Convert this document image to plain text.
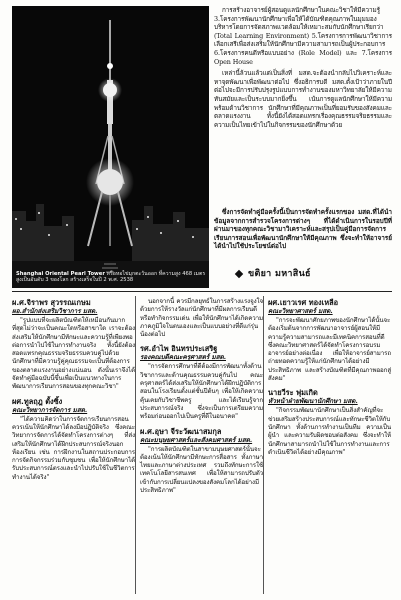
Shanghai Oriental Pearl Tower หรือหอไข่มุกตะวันออก ที่ความสูง 468 เมตร สูงเป็นอันดับ 3 ของโลก สร้างเสร็จในปี 2 พ.ศ. 2538

การสร้างอาจารย์ผู้สอนดูแลนักศึกษาในคณะวิชาให้มีความรู้ 3.โครงการพัฒนานักศึกษาเพื่อให้ได้บัณฑิตคุณภาพในมุมมองบริหารโดยการจัดสภาพแวดล้อมให้เหมาะสมกับนักศึกษาเรียกว่า (Total Learning Environment) 5.โครงการการพัฒนาวิชาการเลือกเสรีเพื่อส่งเสริมให้นักศึกษามีความสามารถเป็นผู้ประกอบการ 6.โครงการคนดีหรือแบบอย่าง (Role Model) และ 7.โครงการ Open House

เหล่านี้ล้วนแล้วแต่เป็นสิ่งที่ มสด.จะต้องนำกลับไปวิเคราะห์และหาจุดพัฒนาเพื่อพัฒนาต่อไป ซึ่งอธิการบดี มสด.ตั้งเป้าว่าภายในปีต่อไปจะมีการปรับปรุงรูปแบบการทำงานของมหาวิทยาลัยให้มีความทันสมัยและเป็นระบบมากยิ่งขึ้น เน้นการดูแลนักศึกษาให้มีความพร้อมด้านวิชาการ นักศึกษาที่มีคุณภาพเป็นที่ยอมรับของสังคมและตลาดแรงงาน ทั้งนี้ยังได้สอดแทรกเรื่องคุณธรรมจริยธรรมและความเป็นไทยเข้าไปในกิจกรรมของนักศึกษาด้วย

ซึ่งการจัดทำคู่มือครั้งนี้เป็นการจัดทำครั้งแรกของ มสด.ที่ได้นำข้อมูลจากการสำรวจโครงการต่างๆ ที่ได้ดำเนินการในรอบปีที่ผ่านมาของทุกคณะวิชามาวิเคราะห์และสรุปเป็นคู่มือการจัดการเรียนการสอนเพื่อพัฒนานักศึกษาให้มีคุณภาพ ซึ่งจะทำให้อาจารย์ได้นำไปใช้ประโยชน์ต่อไป

ขติยา มหาสินธ์

ผ.ศ.จิราพร สุวรรณเกษม

ผอ.สำนักส่งเสริมวิชาการ มสด.

"รูปแบบที่จะผลิตบัณฑิตให้เหมือนกันมากที่สุดไม่ว่าจะเป็นคณะใดหรือสาขาใด เราจะต้องส่งเสริมให้นักศึกษามีทักษะและความรู้ที่เพียงพอต่อการนำไปใช้ในการทำงานจริง ทั้งนี้ยังต้องสอดแทรกคุณธรรมจริยธรรมควบคู่ไปด้วย นักศึกษาที่มีความรู้คู่คุณธรรมจะเป็นที่ต้องการของตลาดแรงงานอย่างแน่นอน ดังนั้นเราจึงได้จัดทำคู่มือฉบับนี้ขึ้นเพื่อเป็นแนวทางในการพัฒนาการเรียนการสอนของทุกคณะวิชา"

ผศ.ทูลฤฎ ตั้งซิ้ง

คณะวิทยาการจัดการ มสด.

"ได้ความคิดว่าในการจัดการเรียนการสอนควรเน้นให้นักศึกษาได้ลงมือปฏิบัติจริง ซึ่งคณะวิทยาการจัดการได้จัดทำโครงการต่างๆ ที่ส่งเสริมให้นักศึกษาได้ฝึกประสบการณ์จริงนอกห้องเรียน เช่น การฝึกงานในสถานประกอบการ การจัดกิจกรรมร่วมกับชุมชน เพื่อให้นักศึกษาได้รับประสบการณ์ตรงและนำไปปรับใช้ในชีวิตการทำงานได้จริง"

นอกจากนี้ ควรมีกลยุทธ์ในการสร้างแรงจูงใจ ด้วยการให้รางวัลแก่นักศึกษาที่มีผลการเรียนดีหรือทำกิจกรรมเด่น เพื่อให้นักศึกษาได้เกิดความภาคภูมิใจในตนเองและเป็นแบบอย่างที่ดีแก่รุ่นน้องต่อไป

รศ.อำไพ อินทรประเสริฐ

รองคณบดีคณะครุศาสตร์ มสด.

"การจัดการศึกษาที่ดีต้องมีการพัฒนาทั้งด้านวิชาการและด้านคุณธรรมควบคู่กันไป คณะครุศาสตร์ได้ส่งเสริมให้นักศึกษาได้ฝึกปฏิบัติการสอนในโรงเรียนตั้งแต่ชั้นปีต้นๆ เพื่อให้เกิดความคุ้นเคยกับวิชาชีพครู และได้เรียนรู้จากประสบการณ์จริง ซึ่งจะเป็นการเตรียมความพร้อมก่อนออกไปเป็นครูที่ดีในอนาคต"

ผ.ศ.อุษา จีระวัฒนาสมกุล

คณะมนุษยศาสตร์และสังคมศาสตร์ มสด.

"การผลิตบัณฑิตในสาขามนุษยศาสตร์นั้นจะต้องเน้นให้นักศึกษามีทักษะการสื่อสาร ทั้งภาษาไทยและภาษาต่างประเทศ รวมถึงทักษะการใช้เทคโนโลยีสารสนเทศ เพื่อให้สามารถปรับตัวเข้ากับการเปลี่ยนแปลงของสังคมโลกได้อย่างมีประสิทธิภาพ"

ผศ.เยาวเรศ ทองเหลือ

คณะวิทยาศาสตร์ มสด.

"การจะพัฒนาศักยภาพของนักศึกษาได้นั้นจะต้องเริ่มต้นจากการพัฒนาอาจารย์ผู้สอนให้มีความรู้ความสามารถและมีเทคนิคการสอนที่ดี ซึ่งคณะวิทยาศาสตร์ได้จัดทำโครงการอบรมอาจารย์อย่างต่อเนื่อง เพื่อให้อาจารย์สามารถถ่ายทอดความรู้ให้แก่นักศึกษาได้อย่างมีประสิทธิภาพ และสร้างบัณฑิตที่มีคุณภาพออกสู่สังคม"

นายวีระ พุ่มเกิด

หัวหน้าฝ่ายพัฒนานักศึกษา มสด.

"กิจกรรมพัฒนานักศึกษาเป็นสิ่งสำคัญที่จะช่วยเสริมสร้างประสบการณ์และทักษะชีวิตให้กับนักศึกษา ทั้งด้านการทำงานเป็นทีม ความเป็นผู้นำ และความรับผิดชอบต่อสังคม ซึ่งจะทำให้นักศึกษาสามารถนำไปใช้ในการทำงานและการดำเนินชีวิตได้อย่างมีคุณภาพ"
